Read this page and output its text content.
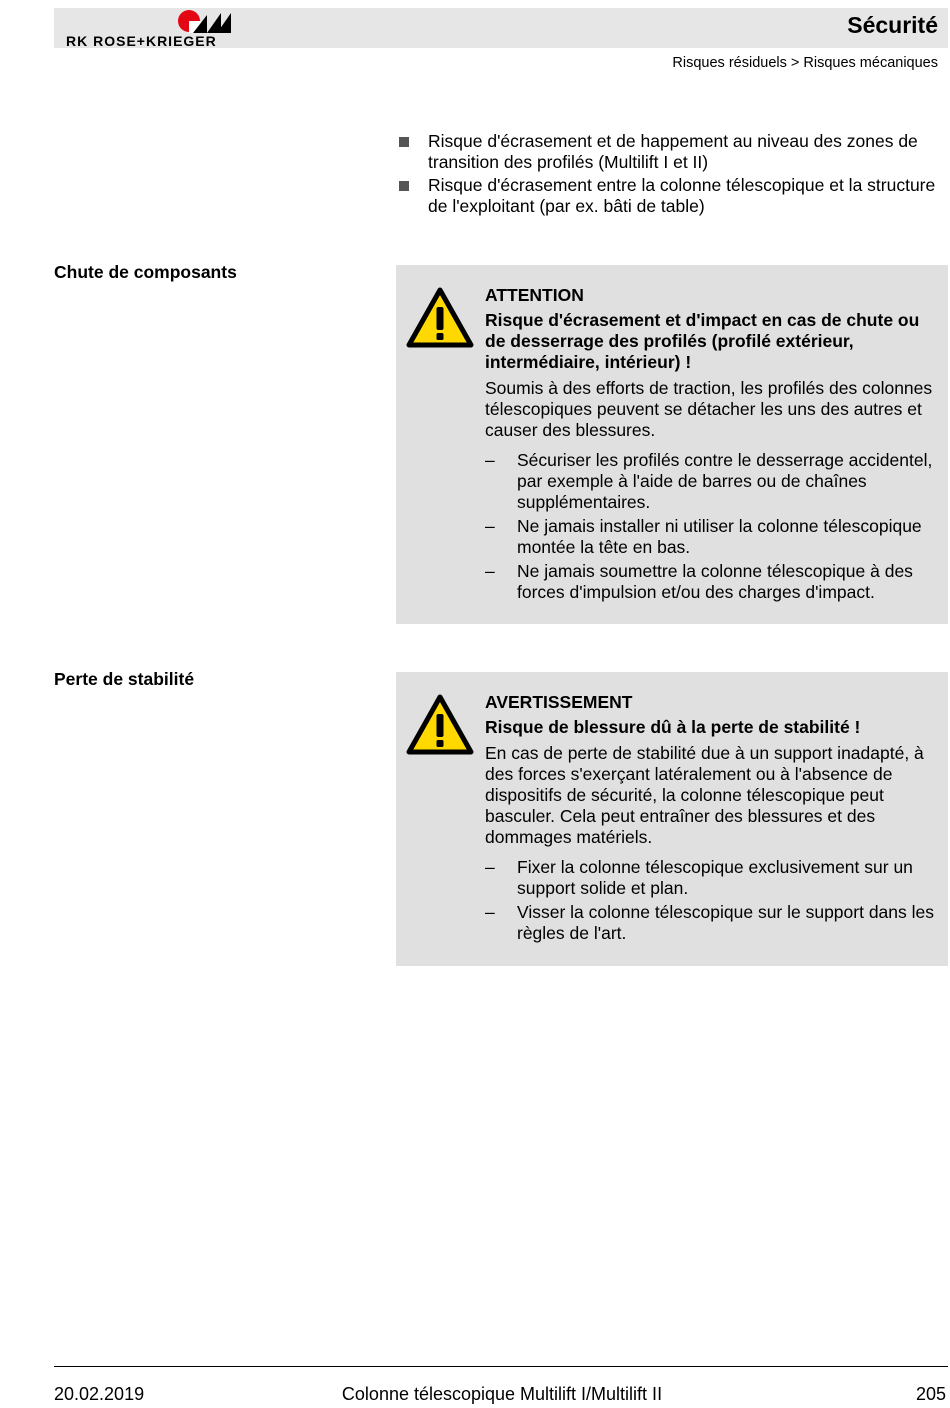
RK ROSE+KRIEGER
Sécurité
Risques résiduels > Risques mécaniques
Risque d'écrasement et de happement au niveau des zones de transition des profilés (Multilift I et II)
Risque d'écrasement entre la colonne télescopique et la structure de l'exploitant (par ex. bâti de table)
Chute de composants
ATTENTION
Risque d'écrasement et d'impact en cas de chute ou de desserrage des profilés (profilé extérieur, intermédiaire, intérieur) !
Soumis à des efforts de traction, les profilés des colonnes télescopiques peuvent se détacher les uns des autres et causer des blessures.
– Sécuriser les profilés contre le desserrage accidentel, par exemple à l'aide de barres ou de chaînes supplémentaires.
– Ne jamais installer ni utiliser la colonne télescopique montée la tête en bas.
– Ne jamais soumettre la colonne télescopique à des forces d'impulsion et/ou des charges d'impact.
Perte de stabilité
AVERTISSEMENT
Risque de blessure dû à la perte de stabilité !
En cas de perte de stabilité due à un support inadapté, à des forces s'exerçant latéralement ou à l'absence de dispositifs de sécurité, la colonne télescopique peut basculer. Cela peut entraîner des blessures et des dommages matériels.
– Fixer la colonne télescopique exclusivement sur un support solide et plan.
– Visser la colonne télescopique sur le support dans les règles de l'art.
20.02.2019	Colonne télescopique Multilift I/Multilift II	205
